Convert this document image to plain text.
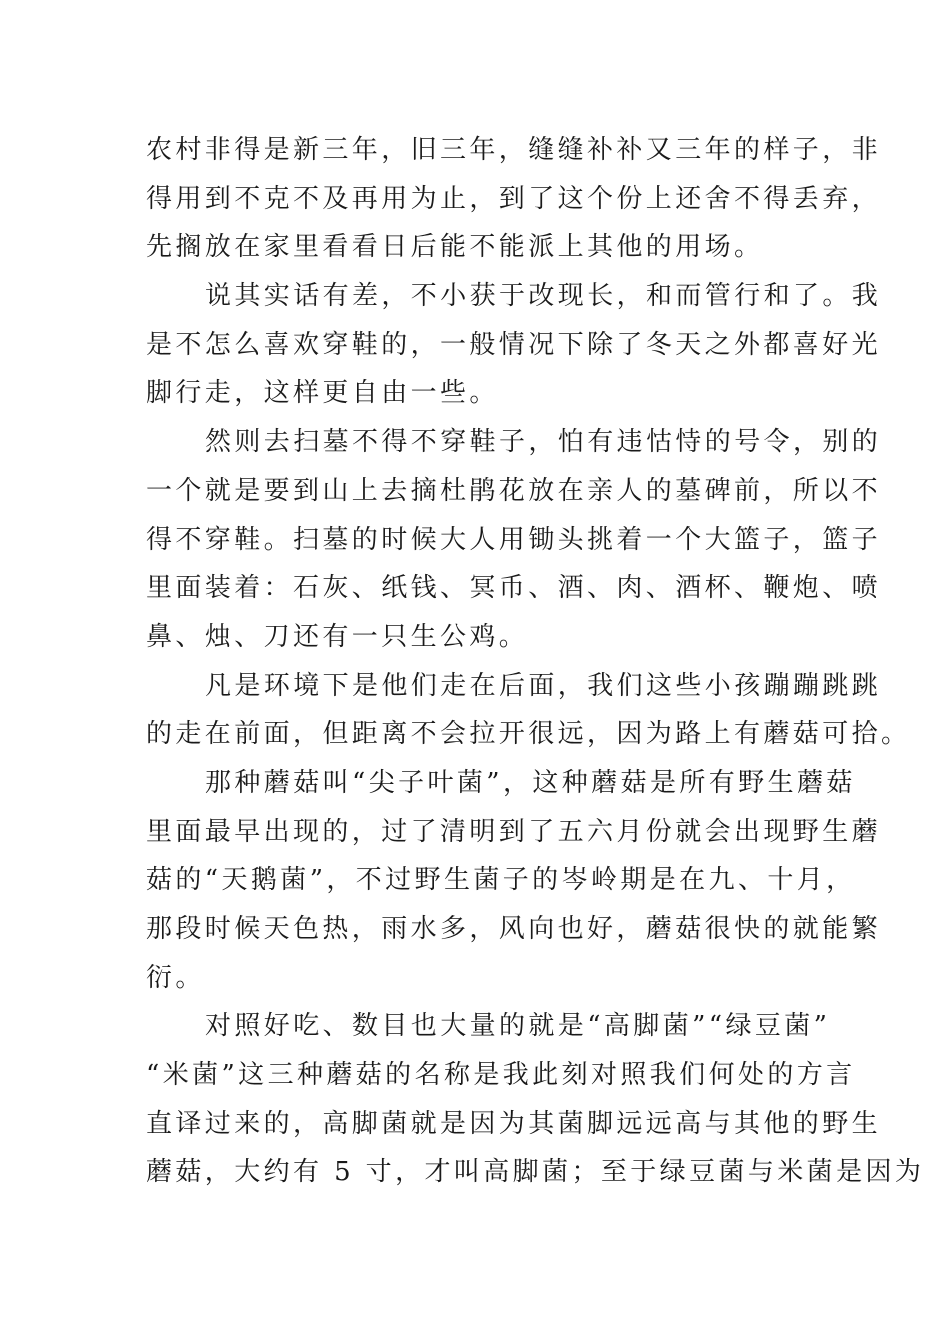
农村非得是新三年，旧三年，缝缝补补又三年的样子，非
得用到不克不及再用为止，到了这个份上还舍不得丢弃，
先搁放在家里看看日后能不能派上其他的用场。
说其实话有差，不小获于改现长，和而管行和了。我
是不怎么喜欢穿鞋的，一般情况下除了冬天之外都喜好光
脚行走，这样更自由一些。
然则去扫墓不得不穿鞋子，怕有违怙恃的号令，别的
一个就是要到山上去摘杜鹃花放在亲人的墓碑前，所以不
得不穿鞋。扫墓的时候大人用锄头挑着一个大篮子，篮子
里面装着：石灰、纸钱、冥币、酒、肉、酒杯、鞭炮、喷
鼻、烛、刀还有一只生公鸡。
凡是环境下是他们走在后面，我们这些小孩蹦蹦跳跳
的走在前面，但距离不会拉开很远，因为路上有蘑菇可拾。
那种蘑菇叫“尖子叶菌”，这种蘑菇是所有野生蘑菇
里面最早出现的，过了清明到了五六月份就会出现野生蘑
菇的“天鹅菌”，不过野生菌子的岑岭期是在九、十月，
那段时候天色热，雨水多，风向也好，蘑菇很快的就能繁
衍。
对照好吃、数目也大量的就是“高脚菌”“绿豆菌”
“米菌”这三种蘑菇的名称是我此刻对照我们何处的方言
直译过来的，高脚菌就是因为其菌脚远远高与其他的野生
蘑菇，大约有 5 寸，才叫高脚菌；至于绿豆菌与米菌是因为
